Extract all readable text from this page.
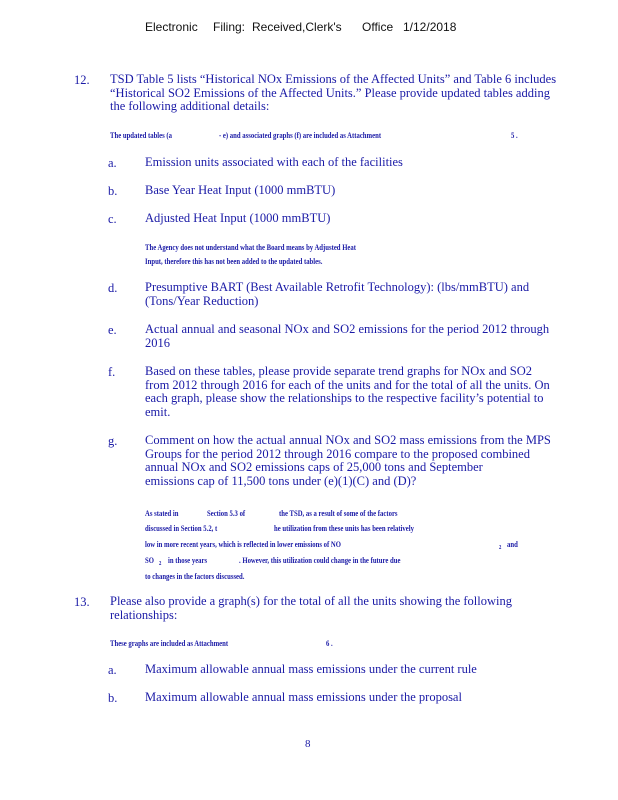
Electronic Filing: Received,Clerk's Office 1/12/2018
12. TSD Table 5 lists “Historical NOx Emissions of the Affected Units” and Table 6 includes
“Historical SO2 Emissions of the Affected Units.” Please provide updated tables adding
the following additional details:
The updated tables (a	- e) and associated graphs (f) are included as Attachment	5 .
a. Emission units associated with each of the facilities
b. Base Year Heat Input (1000 mmBTU)
c. Adjusted Heat Input (1000 mmBTU)
The Agency does not understand what the Board means by Adjusted Heat
Input, therefore this has not been added to the updated tables.
d. Presumptive BART (Best Available Retrofit Technology): (lbs/mmBTU) and
(Tons/Year Reduction)
e. Actual annual and seasonal NOx and SO2 emissions for the period 2012 through
2016
f. Based on these tables, please provide separate trend graphs for NOx and SO2
from 2012 through 2016 for each of the units and for the total of all the units. On
each graph, please show the relationships to the respective facility’s potential to
emit.
g. Comment on how the actual annual NOx and SO2 mass emissions from the MPS
Groups for the period 2012 through 2016 compare to the proposed combined
annual NOx and SO2 emissions caps of 25,000 tons and September
emissions cap of 11,500 tons under (e)(1)(C) and (D)?
As stated in	Section 5.3 of	the TSD, as a result of some of the factors
discussed in Section 5.2, t	he utilization from these units has been relatively
low in more recent years, which is reflected in lower emissions of NO	2 and
SO 2 in those years	. However, this utilization could change in the future due
to changes in the factors discussed.
13. Please also provide a graph(s) for the total of all the units showing the following
relationships:
These graphs are included as Attachment	6 .
a. Maximum allowable annual mass emissions under the current rule
b. Maximum allowable annual mass emissions under the proposal
8
